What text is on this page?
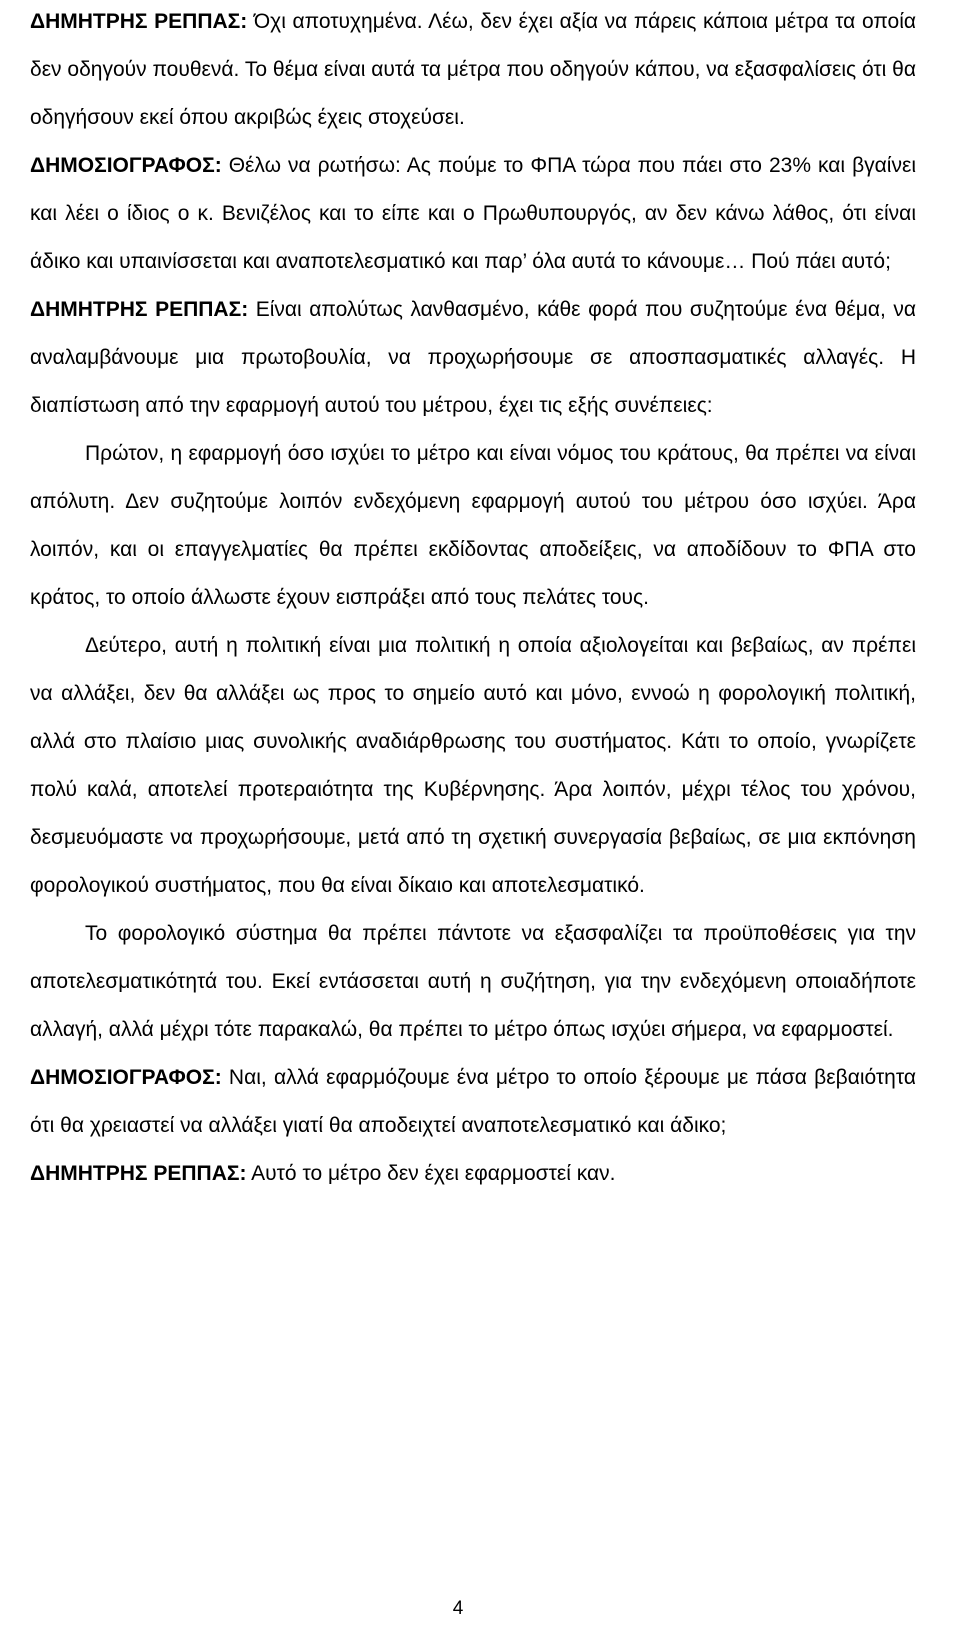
ΔΗΜΗΤΡΗΣ ΡΕΠΠΑΣ: Όχι αποτυχημένα. Λέω, δεν έχει αξία να πάρεις κάποια μέτρα τα οποία δεν οδηγούν πουθενά. Το θέμα είναι αυτά τα μέτρα που οδηγούν κάπου, να εξασφαλίσεις ότι θα οδηγήσουν εκεί όπου ακριβώς έχεις στοχεύσει.

ΔΗΜΟΣΙΟΓΡΑΦΟΣ: Θέλω να ρωτήσω: Ας πούμε το ΦΠΑ τώρα που πάει στο 23% και βγαίνει και λέει ο ίδιος ο κ. Βενιζέλος και το είπε και ο Πρωθυπουργός, αν δεν κάνω λάθος, ότι είναι άδικο και υπαινίσσεται και αναποτελεσματικό και παρ’ όλα αυτά το κάνουμε… Πού πάει αυτό;

ΔΗΜΗΤΡΗΣ ΡΕΠΠΑΣ: Είναι απολύτως λανθασμένο, κάθε φορά που συζητούμε ένα θέμα, να αναλαμβάνουμε μια πρωτοβουλία, να προχωρήσουμε σε αποσπασματικές αλλαγές. Η διαπίστωση από την εφαρμογή αυτού του μέτρου, έχει τις εξής συνέπειες:

Πρώτον, η εφαρμογή όσο ισχύει το μέτρο και είναι νόμος του κράτους, θα πρέπει να είναι απόλυτη. Δεν συζητούμε λοιπόν ενδεχόμενη εφαρμογή αυτού του μέτρου όσο ισχύει. Άρα λοιπόν, και οι επαγγελματίες θα πρέπει εκδίδοντας αποδείξεις, να αποδίδουν το ΦΠΑ στο κράτος, το οποίο άλλωστε έχουν εισπράξει από τους πελάτες τους.

Δεύτερο, αυτή η πολιτική είναι μια πολιτική η οποία αξιολογείται και βεβαίως, αν πρέπει να αλλάξει, δεν θα αλλάξει ως προς το σημείο αυτό και μόνο, εννοώ η φορολογική πολιτική, αλλά στο πλαίσιο μιας συνολικής αναδιάρθρωσης του συστήματος. Κάτι το οποίο, γνωρίζετε πολύ καλά, αποτελεί προτεραιότητα της Κυβέρνησης. Άρα λοιπόν, μέχρι τέλος του χρόνου, δεσμευόμαστε να προχωρήσουμε, μετά από τη σχετική συνεργασία βεβαίως, σε μια εκπόνηση φορολογικού συστήματος, που θα είναι δίκαιο και αποτελεσματικό.

Το φορολογικό σύστημα θα πρέπει πάντοτε να εξασφαλίζει τα προϋποθέσεις για την αποτελεσματικότητά του. Εκεί εντάσσεται αυτή η συζήτηση, για την ενδεχόμενη οποιαδήποτε αλλαγή, αλλά μέχρι τότε παρακαλώ, θα πρέπει το μέτρο όπως ισχύει σήμερα, να εφαρμοστεί.

ΔΗΜΟΣΙΟΓΡΑΦΟΣ: Ναι, αλλά εφαρμόζουμε ένα μέτρο το οποίο ξέρουμε με πάσα βεβαιότητα ότι θα χρειαστεί να αλλάξει γιατί θα αποδειχτεί αναποτελεσματικό και άδικο;

ΔΗΜΗΤΡΗΣ ΡΕΠΠΑΣ: Αυτό το μέτρο δεν έχει εφαρμοστεί καν.

4
